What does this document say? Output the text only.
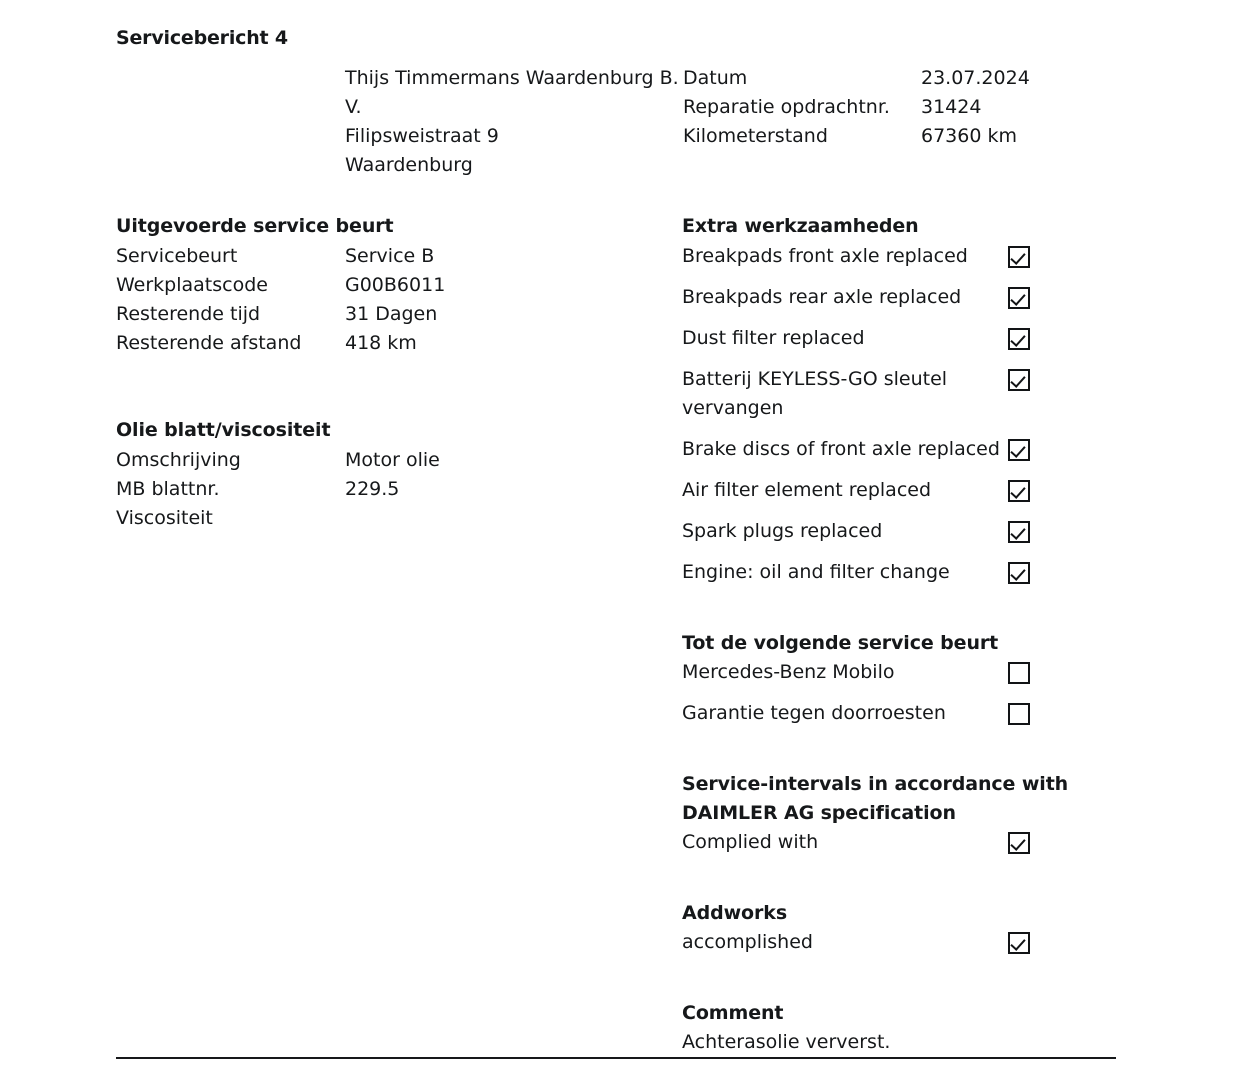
Servicebericht 4
Thijs Timmermans Waardenburg B.
V.
Filipsweistraat 9
Waardenburg
Datum	23.07.2024
Reparatie opdrachtnr.	31424
Kilometerstand	67360 km
Uitgevoerde service beurt
Servicebeurt	Service B
Werkplaatscode	G00B6011
Resterende tijd	31 Dagen
Resterende afstand	418 km
Olie blatt/viscositeit
Omschrijving	Motor olie
MB blattnr.	229.5
Viscositeit
Extra werkzaamheden
Breakpads front axle replaced
Breakpads rear axle replaced
Dust filter replaced
Batterij KEYLESS-GO sleutel vervangen
Brake discs of front axle replaced
Air filter element replaced
Spark plugs replaced
Engine: oil and filter change
Tot de volgende service beurt
Mercedes-Benz Mobilo
Garantie tegen doorroesten
Service-intervals in accordance with DAIMLER AG specification
Complied with
Addworks
accomplished
Comment
Achterasolie ververst.
